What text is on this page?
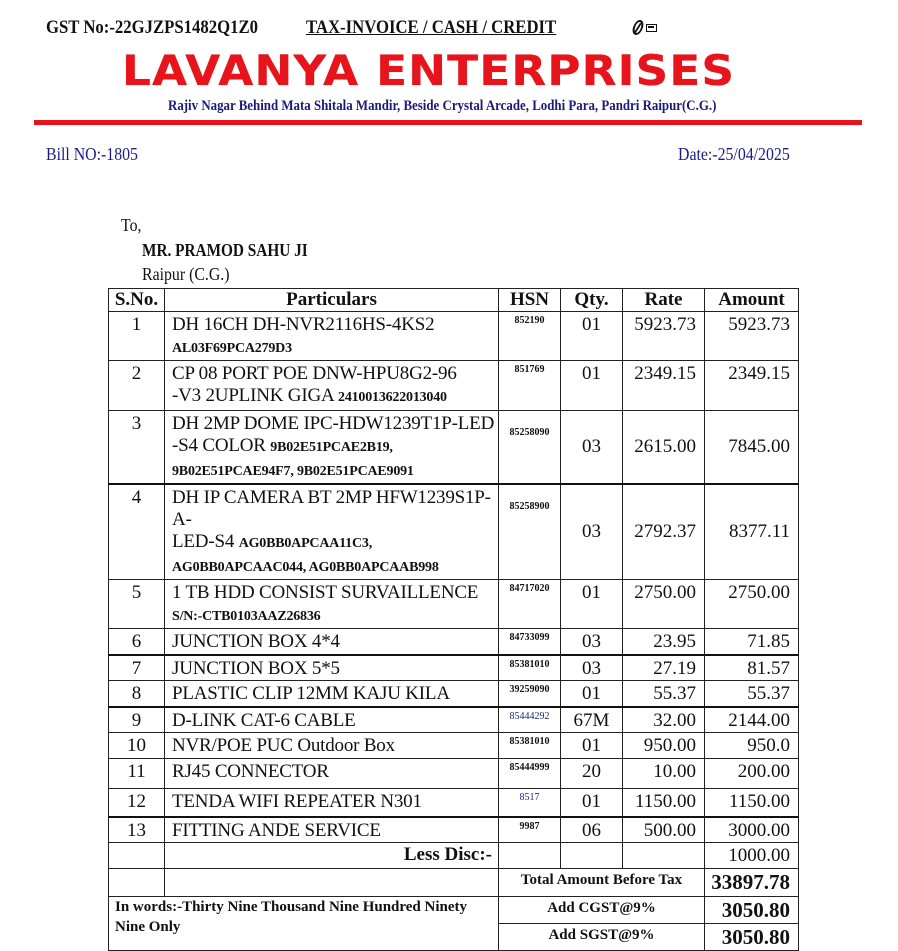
GST No:-22GJZPS1482Q1Z0	TAX-INVOICE / CASH / CREDIT
LAVANYA ENTERPRISES
Rajiv Nagar Behind Mata Shitala Mandir, Beside Crystal Arcade, Lodhi Para, Pandri Raipur(C.G.)
Bill NO:-1805	Date:-25/04/2025
To,
MR. PRAMOD SAHU JI
Raipur (C.G.)
S.No.	Particulars	HSN	Qty.	Rate	Amount
1	DH 16CH DH-NVR2116HS-4KS2
AL03F69PCA279D3	852190	01	5923.73	5923.73
2	CP 08 PORT POE DNW-HPU8G2-96
-V3 2UPLINK GIGA 2410013622013040	851769	01	2349.15	2349.15
3	DH 2MP DOME IPC-HDW1239T1P-LED
-S4 COLOR 9B02E51PCAE2B19,
9B02E51PCAE94F7, 9B02E51PCAE9091	85258090	03	2615.00	7845.00
4	DH IP CAMERA BT 2MP HFW1239S1P-A-
LED-S4 AG0BB0APCAA11C3,
AG0BB0APCAAC044, AG0BB0APCAAB998	85258900	03	2792.37	8377.11
5	1 TB HDD CONSIST SURVAILLENCE
S/N:-CTB0103AAZ26836	84717020	01	2750.00	2750.00
6	JUNCTION BOX 4*4	84733099	03	23.95	71.85
7	JUNCTION BOX 5*5	85381010	03	27.19	81.57
8	PLASTIC CLIP 12MM KAJU KILA	39259090	01	55.37	55.37
9	D-LINK CAT-6 CABLE	85444292	67M	32.00	2144.00
10	NVR/POE PUC Outdoor Box	85381010	01	950.00	950.0
11	RJ45 CONNECTOR	85444999	20	10.00	200.00
12	TENDA WIFI REPEATER N301	8517	01	1150.00	1150.00
13	FITTING ANDE SERVICE	9987	06	500.00	3000.00
	Less Disc:-				1000.00
		Total Amount Before Tax			33897.78
In words:-Thirty Nine Thousand Nine Hundred Ninety Nine Only		Add CGST@9%			3050.80
		Add SGST@9%			3050.80
